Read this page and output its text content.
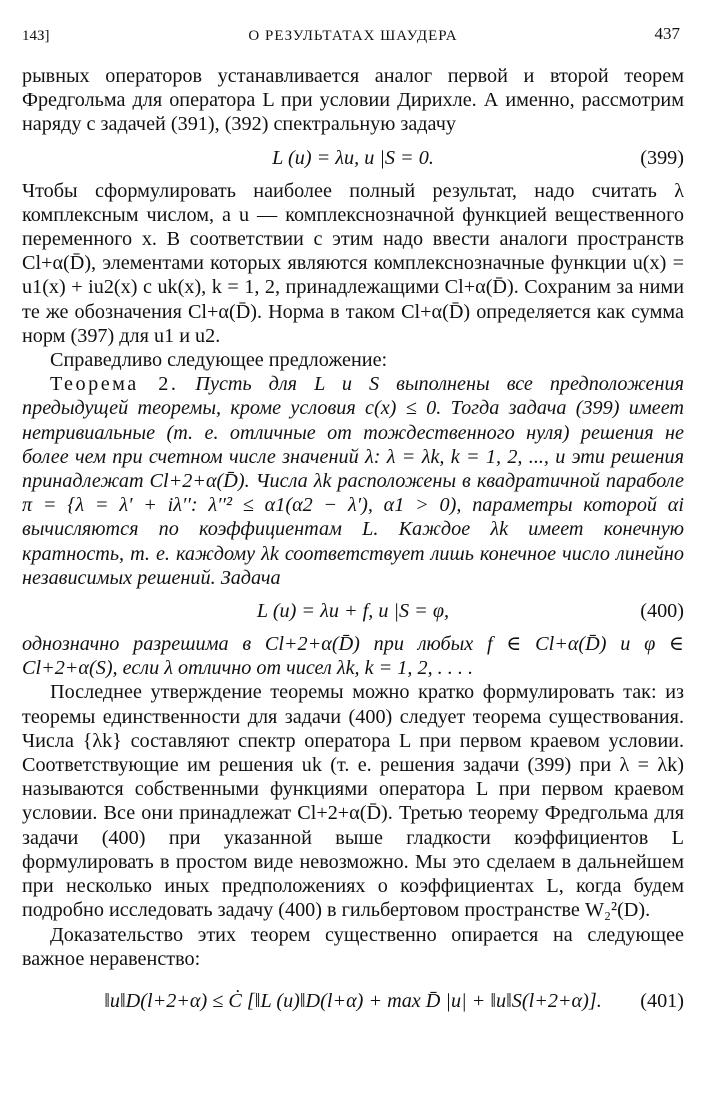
14З]	О РЕЗУЛЬТАТАХ ШАУДЕРА	437

рывных операторов устанавливается аналог первой и второй теорем Фредгольма для оператора L при условии Дирихле. А именно, рассмотрим наряду с задачей (391), (392) спектральную задачу

L (u) = λu, u |S = 0.	(399)

Чтобы сформулировать наиболее полный результат, надо считать λ комплексным числом, а u — комплекснозначной функцией вещественного переменного x. В соответствии с этим надо ввести аналоги пространств Cl+α(D̄), элементами которых являются комплекснозначные функции u(x) = u1(x) + iu2(x) с uk(x), k = 1, 2, принадлежащими Cl+α(D̄). Сохраним за ними те же обозначения Cl+α(D̄). Норма в таком Cl+α(D̄) определяется как сумма норм (397) для u1 и u2.

Справедливо следующее предложение:

Теорема 2. Пусть для L и S выполнены все предположения предыдущей теоремы, кроме условия c(x) ≤ 0. Тогда задача (399) имеет нетривиальные (т. е. отличные от тождественного нуля) решения не более чем при счетном числе значений λ: λ = λk, k = 1, 2, ..., и эти решения принадлежат Cl+2+α(D̄). Числа λk расположены в квадратичной параболе π = {λ = λ′ + iλ′′: λ′′² ≤ α1(α2 − λ′), α1 > 0), параметры которой αi вычисляются по коэффициентам L. Каждое λk имеет конечную кратность, т. е. каждому λk соответствует лишь конечное число линейно независимых решений. Задача

L (u) = λu + f, u |S = φ,	(400)

однозначно разрешима в Cl+2+α(D̄) при любых f ∈ Cl+α(D̄) и φ ∈ Cl+2+α(S), если λ отлично от чисел λk, k = 1, 2, . . . .

Последнее утверждение теоремы можно кратко формулировать так: из теоремы единственности для задачи (400) следует теорема существования. Числа {λk} составляют спектр оператора L при первом краевом условии. Соответствующие им решения uk (т. е. решения задачи (399) при λ = λk) называются собственными функциями оператора L при первом краевом условии. Все они принадлежат Cl+2+α(D̄). Третью теорему Фредгольма для задачи (400) при указанной выше гладкости коэффициентов L формулировать в простом виде невозможно. Мы это сделаем в дальнейшем при несколько иных предположениях о коэффициентах L, когда будем подробно исследовать задачу (400) в гильбертовом пространстве W₂²(D).

Доказательство этих теорем существенно опирается на следующее важное неравенство:

‖u‖D(l+2+α) ≤ Ċ [‖L (u)‖D(l+α) + max D̄ |u| + ‖u‖S(l+2+α)].	(401)
